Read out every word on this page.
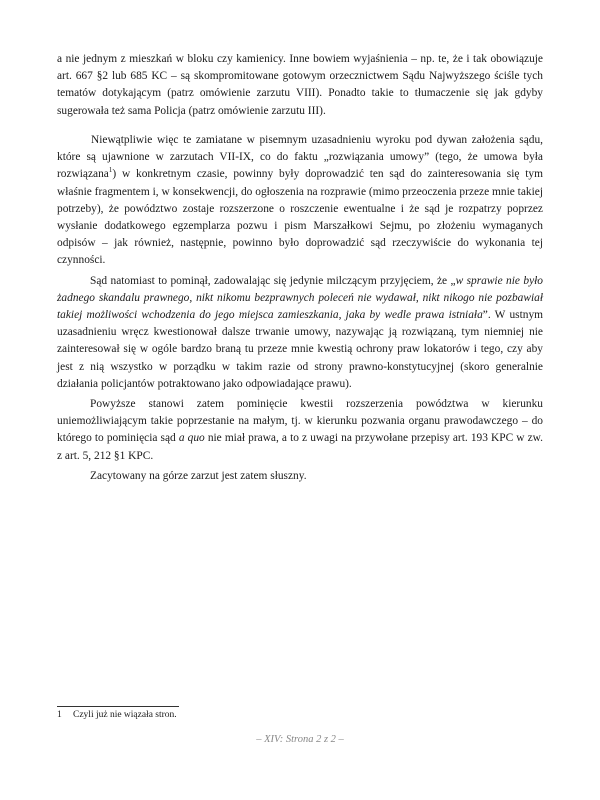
a nie jednym z mieszkań w bloku czy kamienicy. Inne bowiem wyjaśnienia – np. te, że i tak obowiązuje art. 667 §2 lub 685 KC – są skompromitowane gotowym orzecznictwem Sądu Najwyższego ściśle tych tematów dotykającym (patrz omówienie zarzutu VIII). Ponadto takie to tłumaczenie się jak gdyby sugerowała też sama Policja (patrz omówienie zarzutu III).

Niewątpliwie więc te zamiatane w pisemnym uzasadnieniu wyroku pod dywan założenia sądu, które są ujawnione w zarzutach VII-IX, co do faktu „rozwiązania umowy” (tego, że umowa była rozwiązana$^1$) w konkretnym czasie, powinny były doprowadzić ten sąd do zainteresowania się tym właśnie fragmentem i, w konsekwencji, do ogłoszenia na rozprawie (mimo przeoczenia przeze mnie takiej potrzeby), że powództwo zostaje rozszerzone o roszczenie ewentualne i że sąd je rozpatrzy poprzez wysłanie dodatkowego egzemplarza pozwu i pism Marszałkowi Sejmu, po złożeniu wymaganych odpisów – jak również, następnie, powinno było doprowadzić sąd rzeczywiście do wykonania tej czynności.

Sąd natomiast to pominął, zadowalając się jedynie milczącym przyjęciem, że „w sprawie nie było żadnego skandalu prawnego, nikt nikomu bezprawnych poleceń nie wydawał, nikt nikogo nie pozbawiał takiej możliwości wchodzenia do jego miejsca zamieszkania, jaka by wedle prawa istniała”. W ustnym uzasadnieniu wręcz kwestionował dalsze trwanie umowy, nazywając ją rozwiązaną, tym niemniej nie zainteresował się w ogóle bardzo braną tu przeze mnie kwestią ochrony praw lokatorów i tego, czy aby jest z nią wszystko w porządku w takim razie od strony prawno-konstytucyjnej (skoro generalnie działania policjantów potraktowano jako odpowiadające prawu).

Powyższe stanowi zatem pominięcie kwestii rozszerzenia powództwa w kierunku uniemożliwiającym takie poprzestanie na małym, tj. w kierunku pozwania organu prawodawczego – do którego to pominięcia sąd a quo nie miał prawa, a to z uwagi na przywołane przepisy art. 193 KPC w zw. z art. 5, 212 §1 KPC.

Zacytowany na górze zarzut jest zatem słuszny.

1 Czyli już nie wiązała stron.
– XIV: Strona 2 z 2 –
